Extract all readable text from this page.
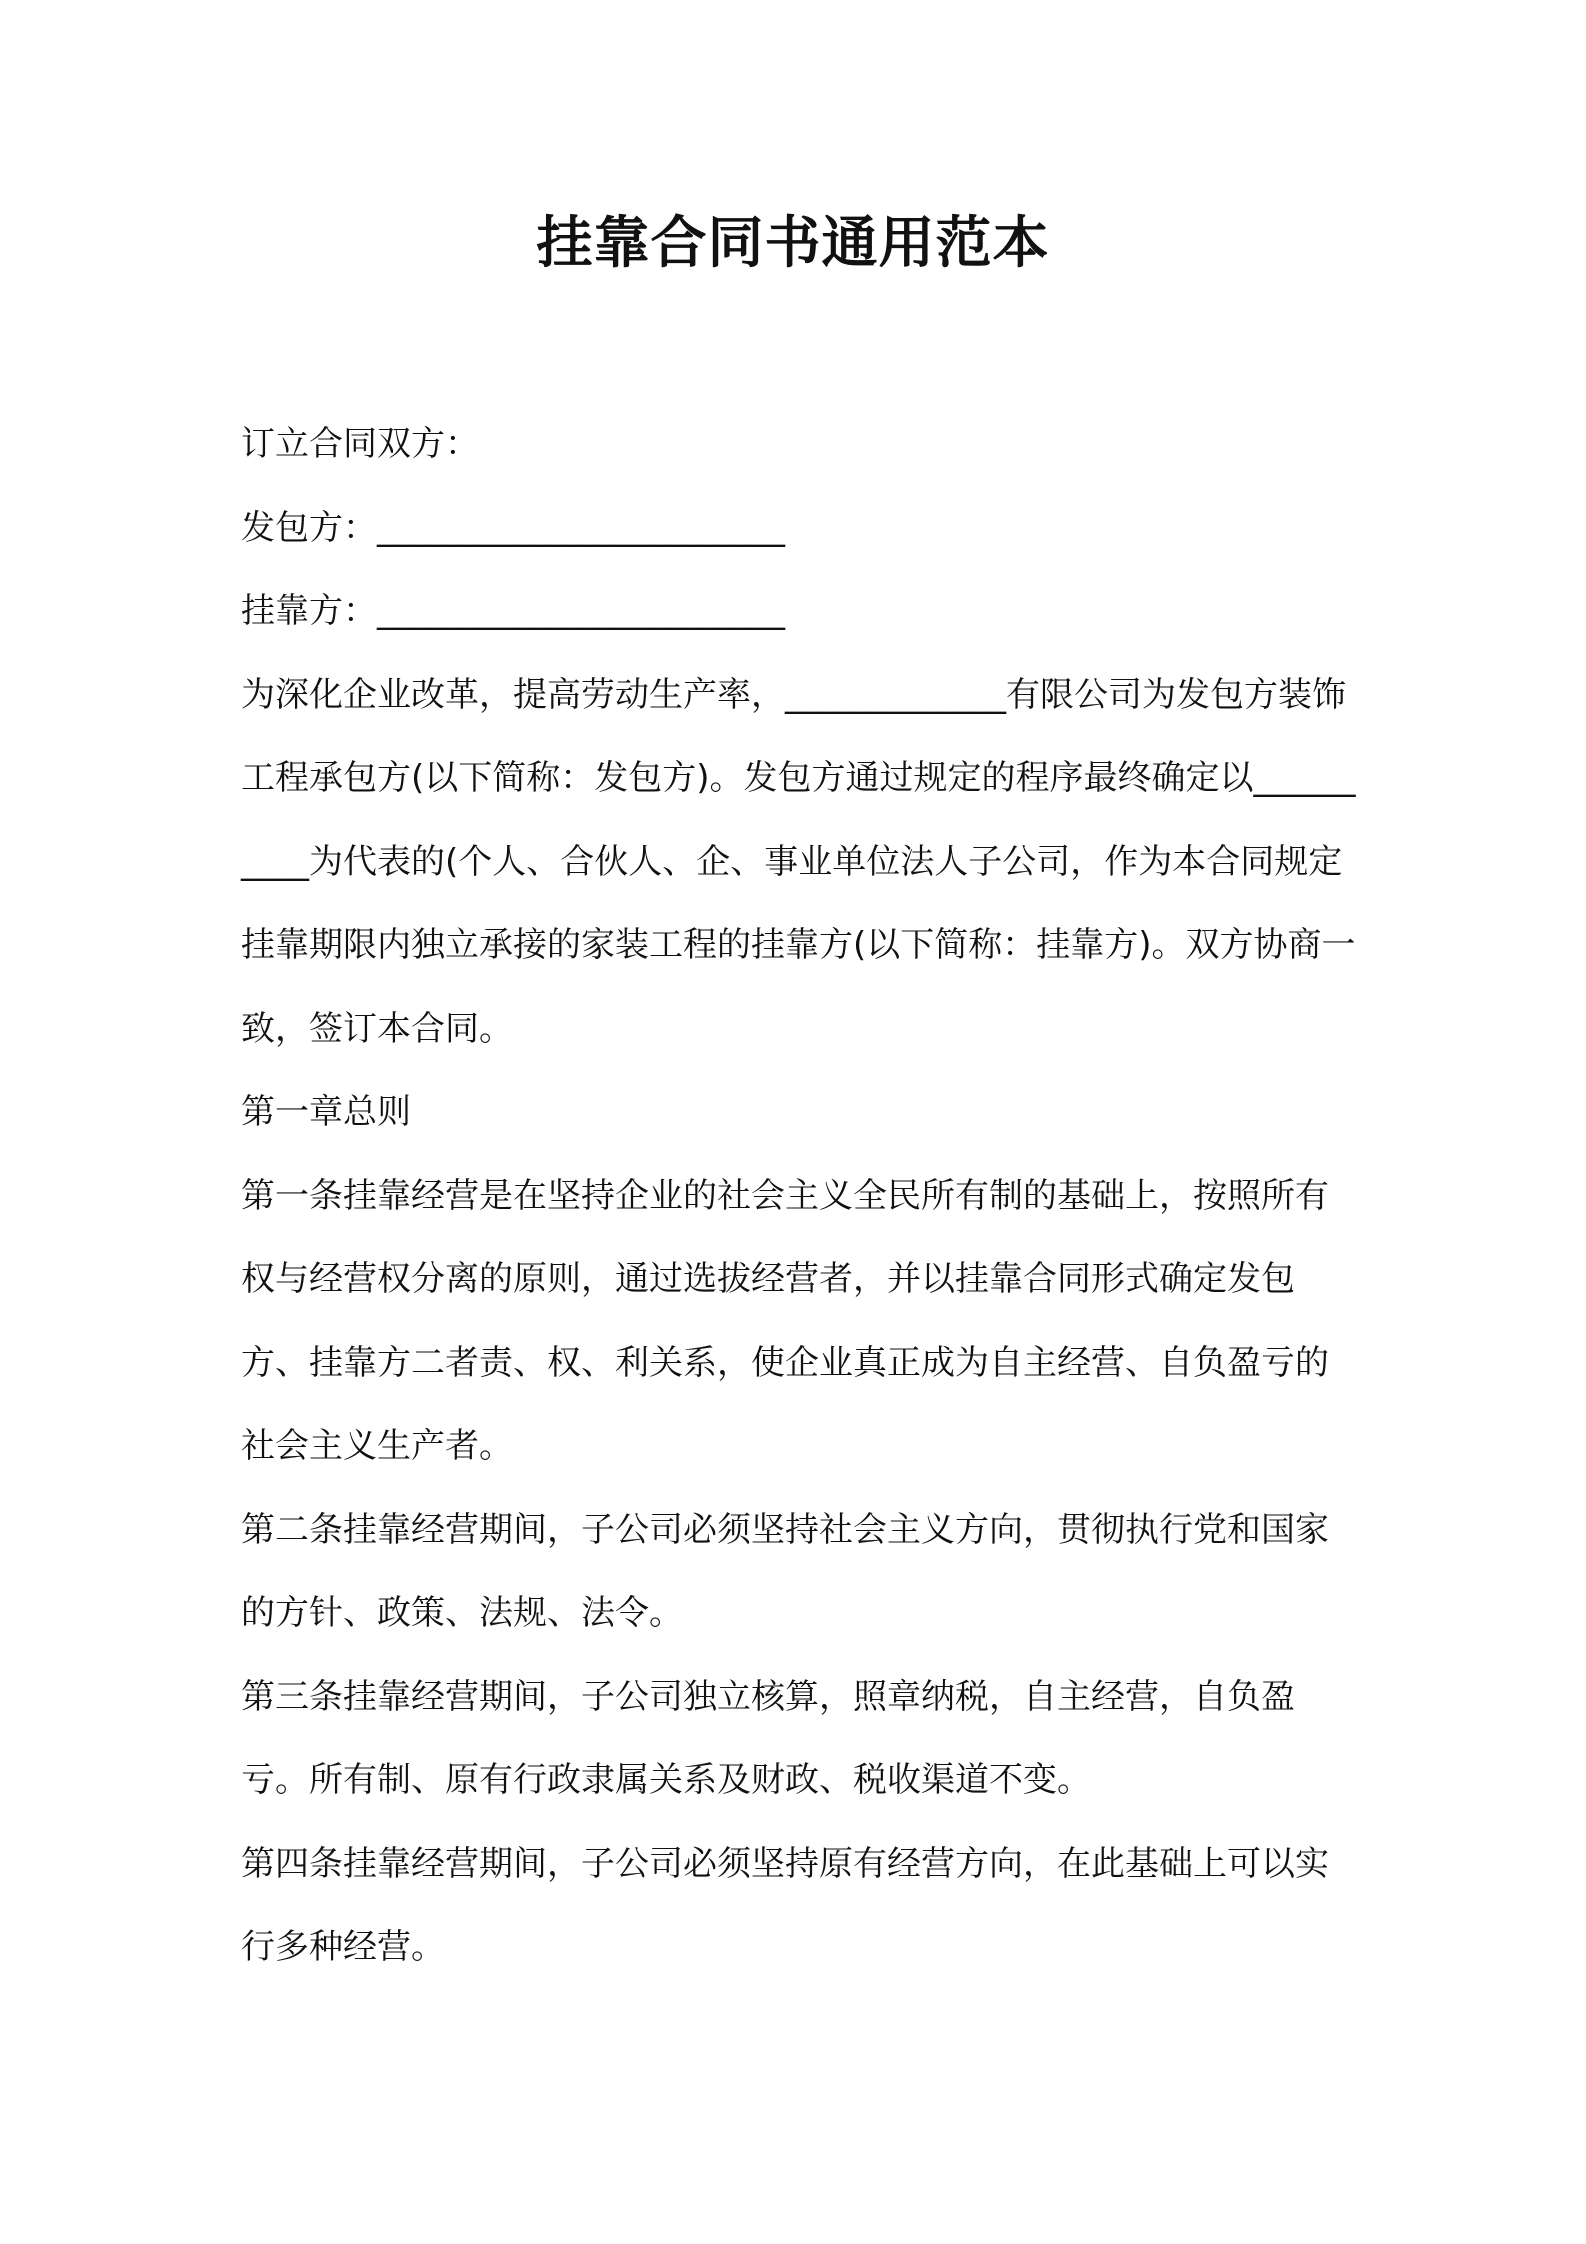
挂靠合同书通用范本

订立合同双方：

发包方：________________________

挂靠方：________________________

为深化企业改革，提高劳动生产率，_____________有限公司为发包方装饰工程承包方(以下简称：发包方)。发包方通过规定的程序最终确定以__________为代表的(个人、合伙人、企、事业单位法人子公司，作为本合同规定挂靠期限内独立承接的家装工程的挂靠方(以下简称：挂靠方)。双方协商一致，签订本合同。

第一章总则

第一条挂靠经营是在坚持企业的社会主义全民所有制的基础上，按照所有权与经营权分离的原则，通过选拔经营者，并以挂靠合同形式确定发包方、挂靠方二者责、权、利关系，使企业真正成为自主经营、自负盈亏的社会主义生产者。

第二条挂靠经营期间，子公司必须坚持社会主义方向，贯彻执行党和国家的方针、政策、法规、法令。

第三条挂靠经营期间，子公司独立核算，照章纳税，自主经营，自负盈亏。所有制、原有行政隶属关系及财政、税收渠道不变。

第四条挂靠经营期间，子公司必须坚持原有经营方向，在此基础上可以实行多种经营。
